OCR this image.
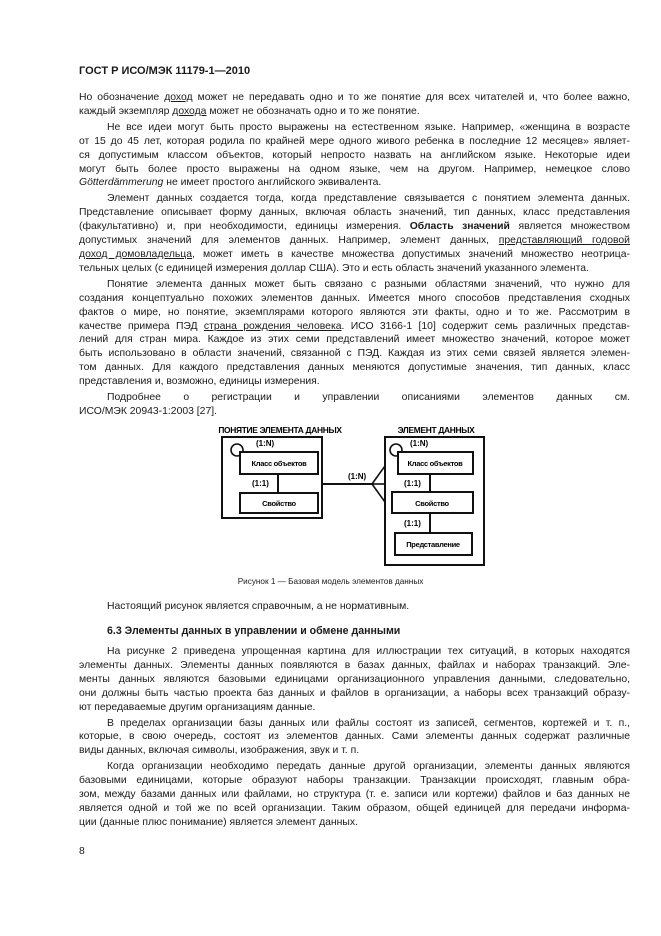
ГОСТ Р ИСО/МЭК 11179-1—2010
Но обозначение доход может не передавать одно и то же понятие для всех читателей и, что более важно,
каждый экземпляр дохода может не обозначать одно и то же понятие.
Не все идеи могут быть просто выражены на естественном языке. Например, «женщина в возрасте
от 15 до 45 лет, которая родила по крайней мере одного живого ребенка в последние 12 месяцев» являет-
ся допустимым классом объектов, который непросто назвать на английском языке. Некоторые идеи
могут быть более просто выражены на одном языке, чем на другом. Например, немецкое слово
Götterdämmerung не имеет простого английского эквивалента.
Элемент данных создается тогда, когда представление связывается с понятием элемента данных.
Представление описывает форму данных, включая область значений, тип данных, класс представления
(факультативно) и, при необходимости, единицы измерения. Область значений является множеством
допустимых значений для элементов данных. Например, элемент данных, представляющий годовой
доход домовладельца, может иметь в качестве множества допустимых значений множество неотрица-
тельных целых (с единицей измерения доллар США). Это и есть область значений указанного элемента.
Понятие элемента данных может быть связано с разными областями значений, что нужно для
создания концептуально похожих элементов данных. Имеется много способов представления сходных
фактов о мире, но понятие, экземплярами которого являются эти факты, одно и то же. Рассмотрим в
качестве примера ПЭД страна рождения человека. ИСО 3166-1 [10] содержит семь различных представ-
лений для стран мира. Каждое из этих семи представлений имеет множество значений, которое может
быть использовано в области значений, связанной с ПЭД. Каждая из этих семи связей является элемен-
том данных. Для каждого представления данных меняются допустимые значения, тип данных, класс
представления и, возможно, единицы измерения.
Подробнее о регистрации и управлении описаниями элементов данных см.
ИСО/МЭК 20943-1:2003 [27].
ПОНЯТИЕ ЭЛЕМЕНТА ДАННЫХ
(1:N)
Класс объектов
(1:1)
Свойство
(1:N)
ЭЛЕМЕНТ ДАННЫХ
(1:N)
Класс объектов
(1:1)
Свойство
(1:1)
Представление
Рисунок 1 — Базовая модель элементов данных
Настоящий рисунок является справочным, а не нормативным.
6.3 Элементы данных в управлении и обмене данными
На рисунке 2 приведена упрощенная картина для иллюстрации тех ситуаций, в которых находятся
элементы данных. Элементы данных появляются в базах данных, файлах и наборах транзакций. Эле-
менты данных являются базовыми единицами организационного управления данными, следовательно,
они должны быть частью проекта баз данных и файлов в организации, а наборы всех транзакций образу-
ют передаваемые другим организациям данные.
В пределах организации базы данных или файлы состоят из записей, сегментов, кортежей и т. п.,
которые, в свою очередь, состоят из элементов данных. Сами элементы данных содержат различные
виды данных, включая символы, изображения, звук и т. п.
Когда организации необходимо передать данные другой организации, элементы данных являются
базовыми единицами, которые образуют наборы транзакции. Транзакции происходят, главным обра-
зом, между базами данных или файлами, но структура (т. е. записи или кортежи) файлов и баз данных не
является одной и той же по всей организации. Таким образом, общей единицей для передачи информа-
ции (данные плюс понимание) является элемент данных.
8
